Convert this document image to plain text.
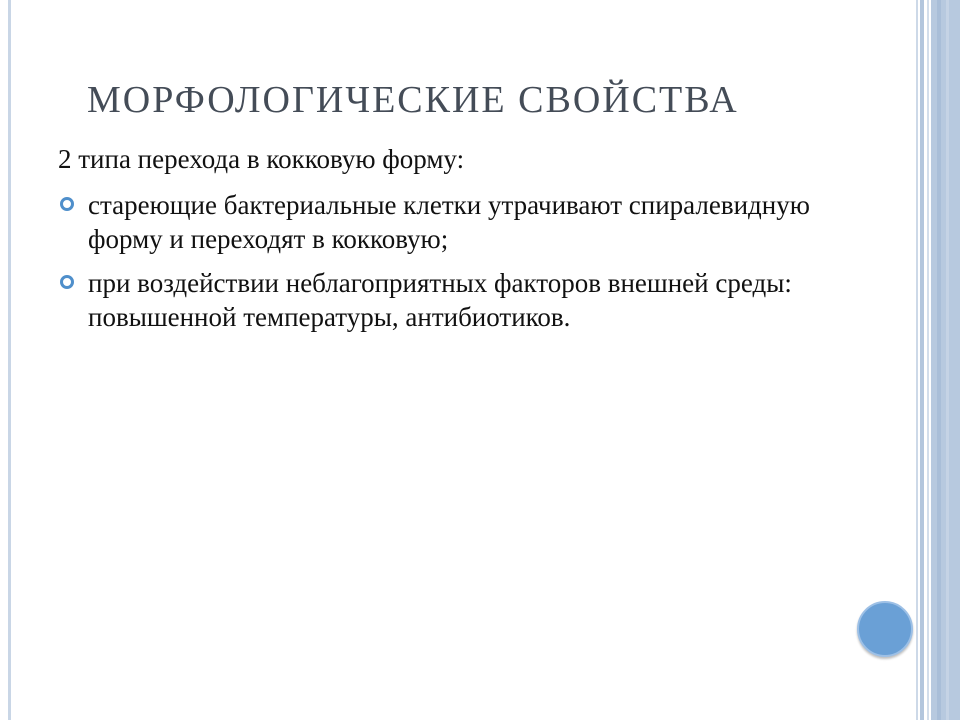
МОРФОЛОГИЧЕСКИЕ СВОЙСТВА

2 типа перехода в кокковую форму:

стареющие бактериальные клетки утрачивают спиралевидную форму и переходят в кокковую;
при воздействии неблагоприятных факторов внешней среды: повышенной температуры, антибиотиков.
